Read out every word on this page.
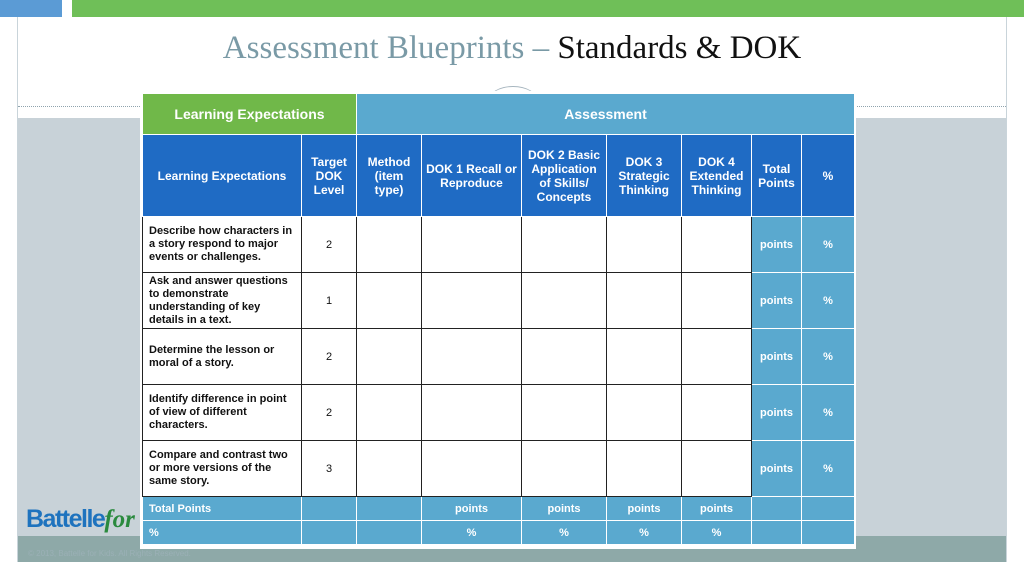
Assessment Blueprints – Standards & DOK
Battellefor
© 2013, Battelle for Kids. All Rights Reserved.
Learning Expectations		Assessment						
Learning Expectations	Target DOK Level	Method (item type)	DOK 1 Recall or Reproduce	DOK 2 Basic Application of Skills/ Concepts	DOK 3 Strategic Thinking	DOK 4 Extended Thinking	Total Points	%
Describe how characters in a story respond to major events or challenges.	2						points	%
Ask and answer questions to demonstrate understanding of key details in a text.	1						points	%
Determine the lesson or moral of a story.	2						points	%
Identify difference in point of view of different characters.	2						points	%
Compare and contrast two or more versions of the same story.	3						points	%
Total Points			points	points	points	points		
%			%	%	%	%		
